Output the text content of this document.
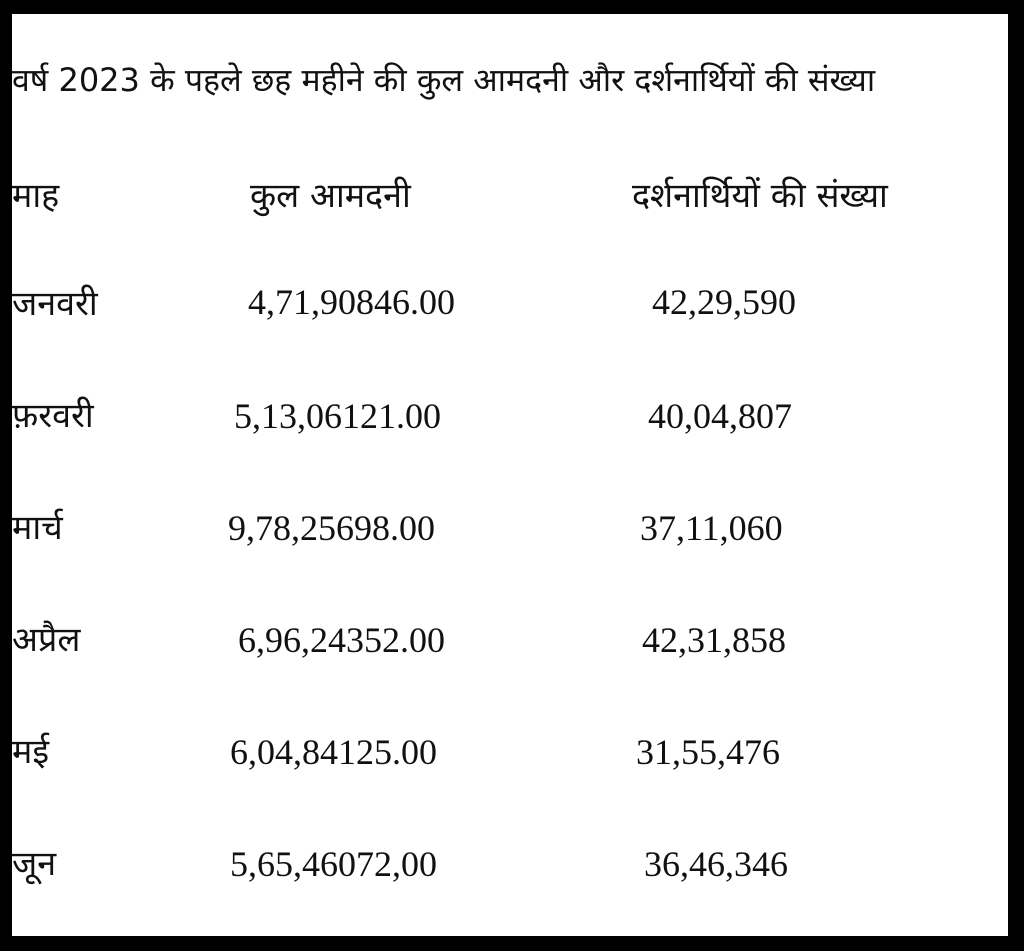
वर्ष 2023 के पहले छह महीने की कुल आमदनी और दर्शनार्थियों की संख्या
माह	कुल आमदनी	दर्शनार्थियों की संख्या
जनवरी	4,71,90846.00	42,29,590
फ़रवरी	5,13,06121.00	40,04,807
मार्च	9,78,25698.00	37,11,060
अप्रैल	6,96,24352.00	42,31,858
मई	6,04,84125.00	31,55,476
जून	5,65,46072,00	36,46,346
